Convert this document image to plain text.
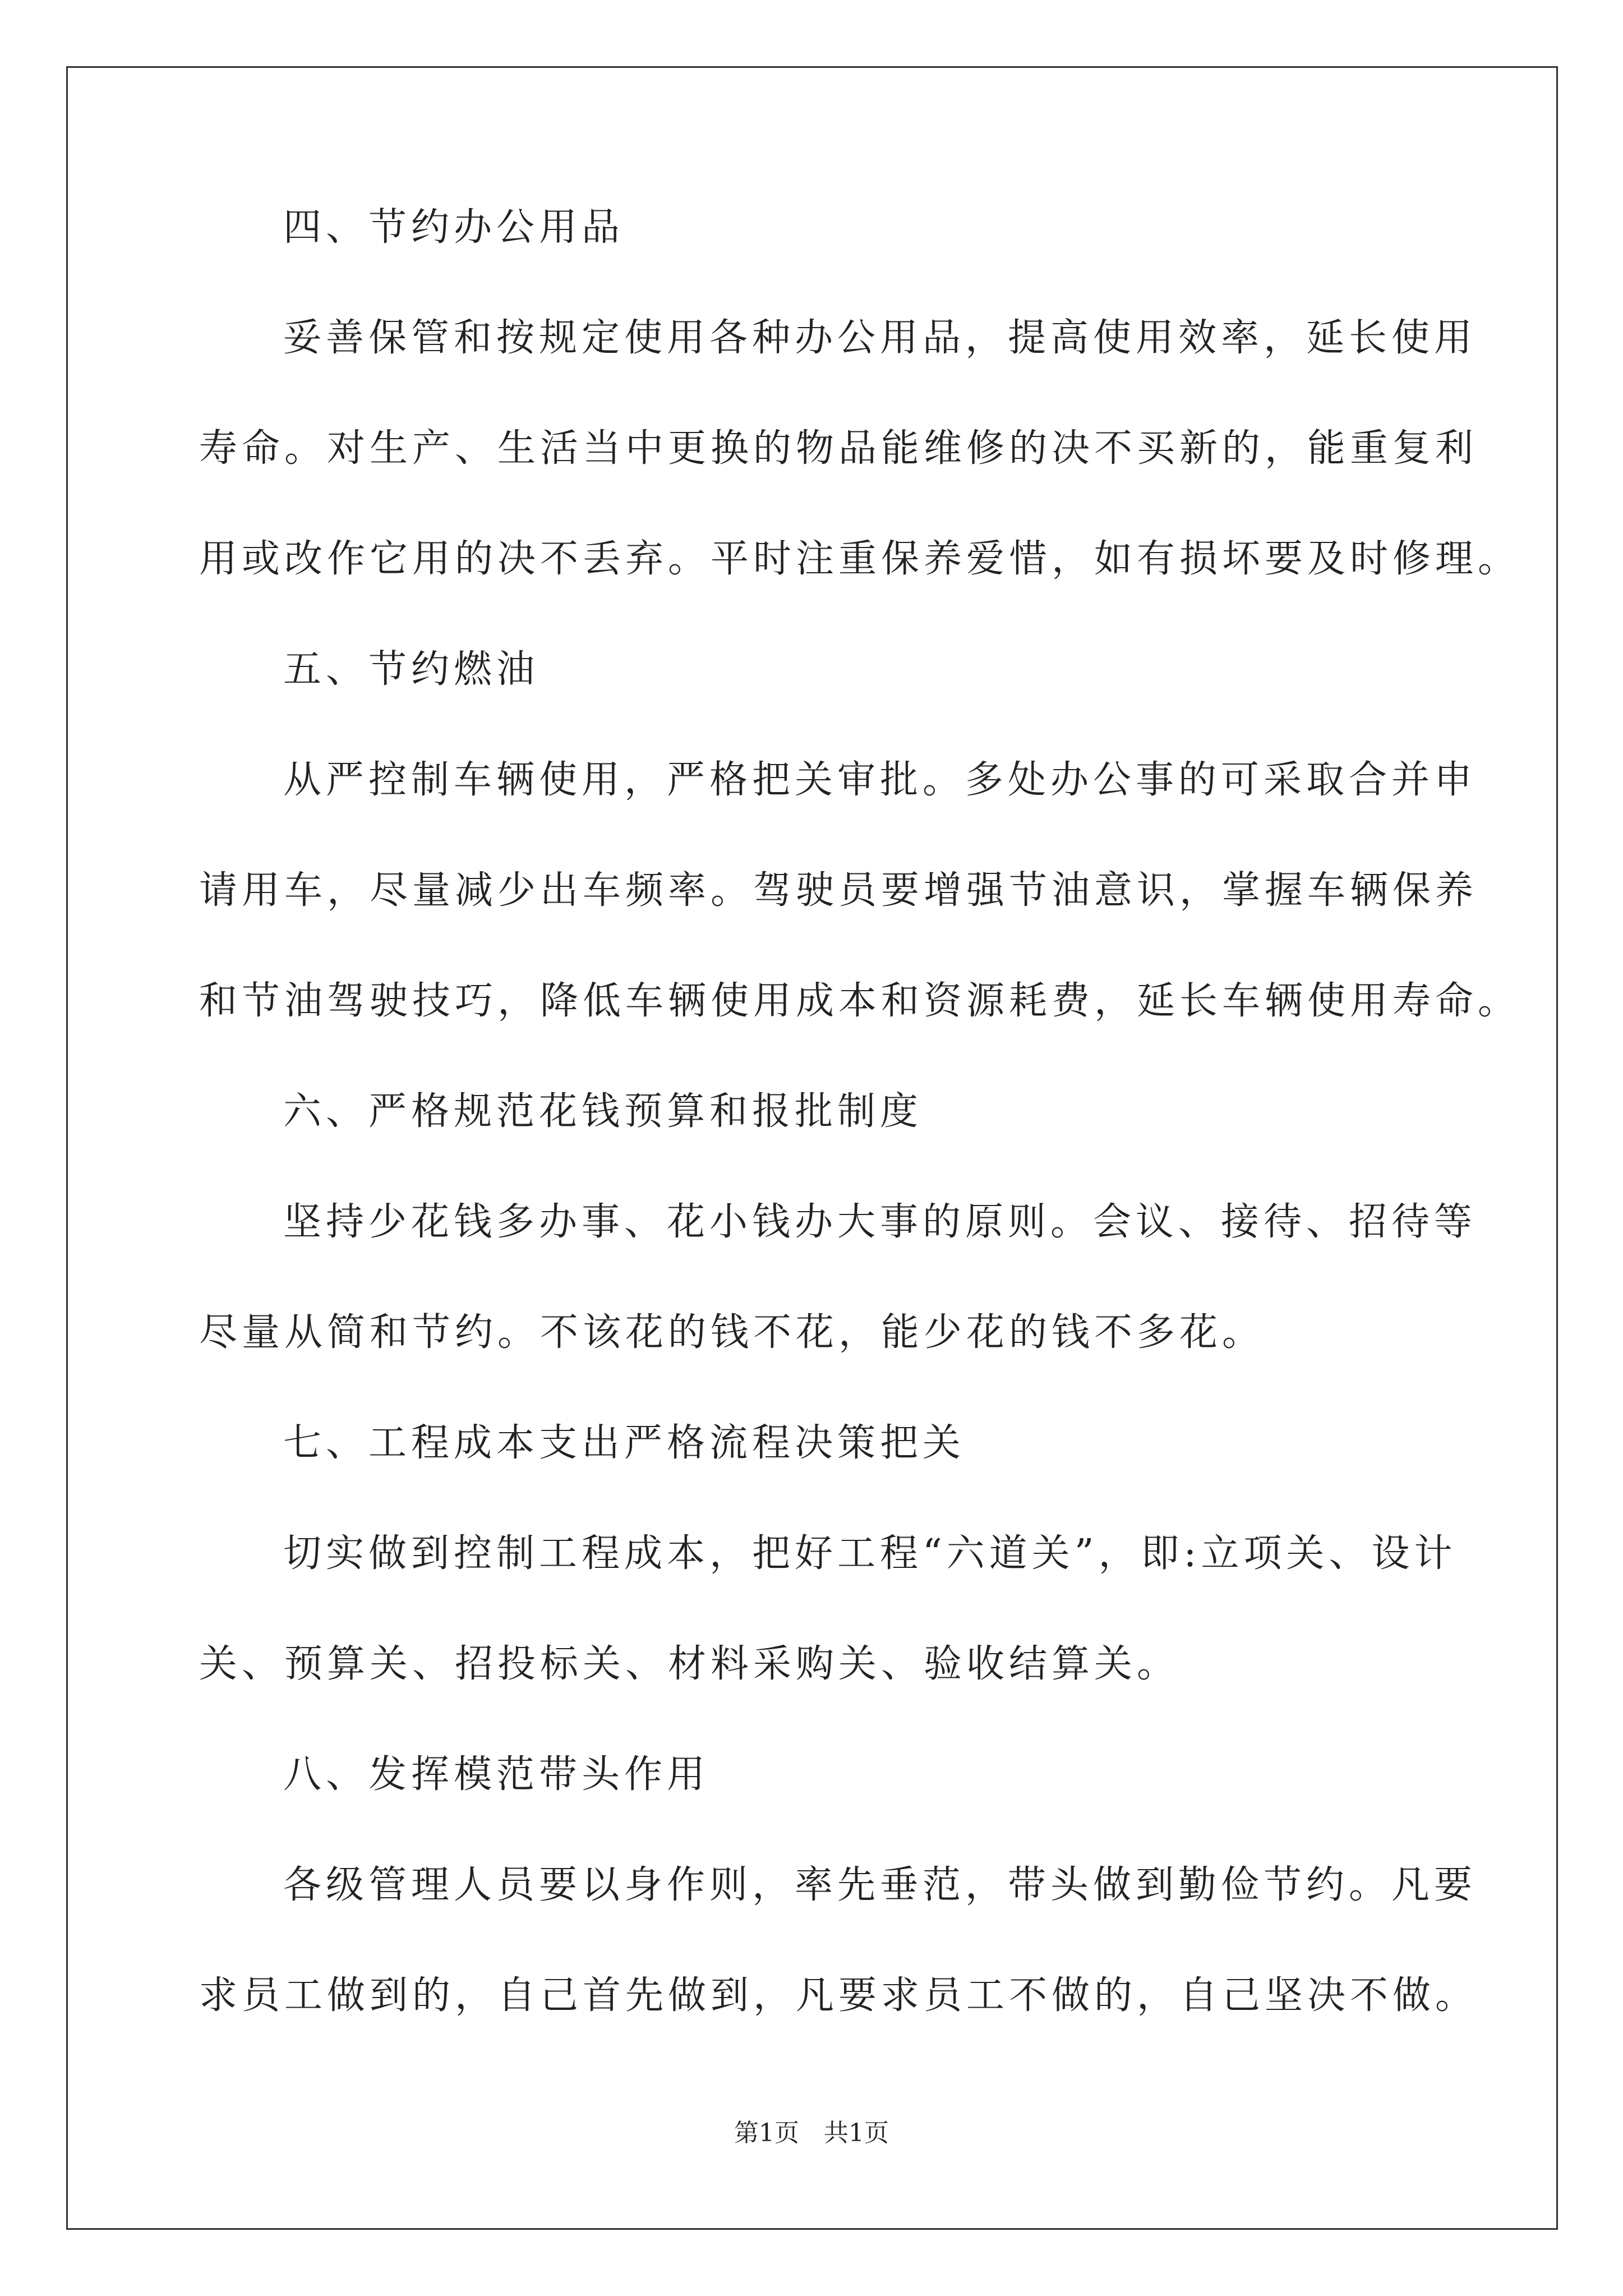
四、节约办公用品
妥善保管和按规定使用各种办公用品，提高使用效率，延长使用
寿命。对生产、生活当中更换的物品能维修的决不买新的，能重复利
用或改作它用的决不丢弃。平时注重保养爱惜，如有损坏要及时修理。
五、节约燃油
从严控制车辆使用，严格把关审批。多处办公事的可采取合并申
请用车，尽量减少出车频率。驾驶员要增强节油意识，掌握车辆保养
和节油驾驶技巧，降低车辆使用成本和资源耗费，延长车辆使用寿命。
六、严格规范花钱预算和报批制度
坚持少花钱多办事、花小钱办大事的原则。会议、接待、招待等
尽量从简和节约。不该花的钱不花，能少花的钱不多花。
七、工程成本支出严格流程决策把关
切实做到控制工程成本，把好工程“六道关”，即:立项关、设计
关、预算关、招投标关、材料采购关、验收结算关。
八、发挥模范带头作用
各级管理人员要以身作则，率先垂范，带头做到勤俭节约。凡要
求员工做到的，自己首先做到，凡要求员工不做的，自己坚决不做。
第1页　共1页
